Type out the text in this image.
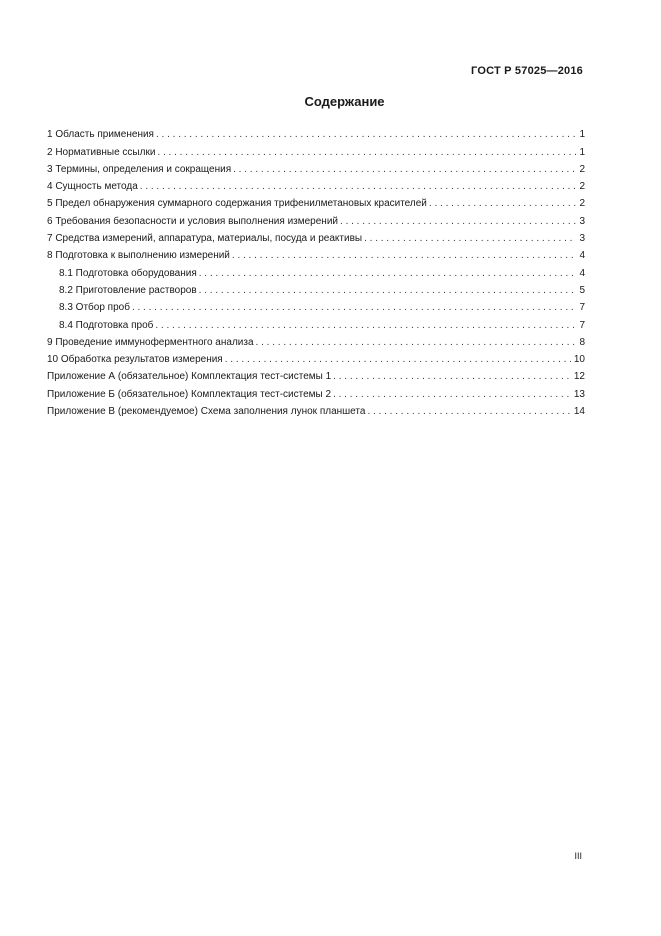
ГОСТ Р 57025—2016
Содержание
1 Область применения . . .	1
2 Нормативные ссылки . . .	1
3 Термины, определения и сокращения . . .	2
4 Сущность метода . . .	2
5 Предел обнаружения суммарного содержания трифенилметановых красителей . . .	2
6 Требования безопасности и условия выполнения измерений . . .	3
7 Средства измерений, аппаратура, материалы, посуда и реактивы . . .	3
8 Подготовка к выполнению измерений . . .	4
8.1 Подготовка оборудования . . .	4
8.2 Приготовление растворов . . .	5
8.3 Отбор проб . . .	7
8.4 Подготовка проб . . .	7
9 Проведение иммуноферментного анализа . . .	8
10 Обработка результатов измерения . . .	10
Приложение А (обязательное) Комплектация тест-системы 1 . . .	12
Приложение Б (обязательное) Комплектация тест-системы 2 . . .	13
Приложение В (рекомендуемое) Схема заполнения лунок планшета . . .	14
III
